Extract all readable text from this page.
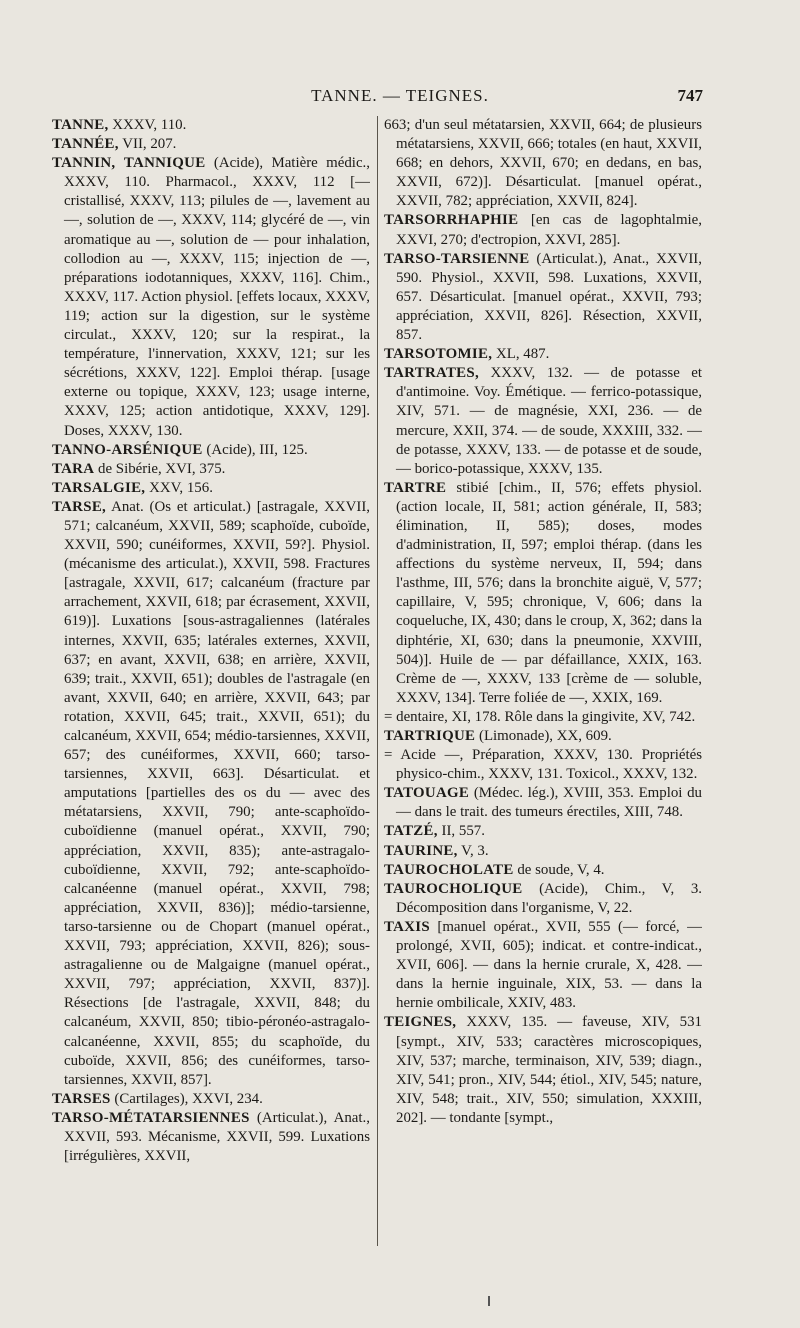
TANNE. — TEIGNES.	747

TANNE, XXXV, 110.

TANNÉE, VII, 207.

TANNIN, TANNIQUE (Acide), Matière médic., XXXV, 110. Pharmacol., XXXV, 112 [— cristallisé, XXXV, 113; pilules de —, lavement au —, solution de —, XXXV, 114; glycéré de —, vin aromatique au —, solution de — pour inhalation, collodion au —, XXXV, 115; injection de —, préparations iodotanniques, XXXV, 116]. Chim., XXXV, 117. Action physiol. [effets locaux, XXXV, 119; action sur la digestion, sur le système circulat., XXXV, 120; sur la respirat., la température, l'innervation, XXXV, 121; sur les sécrétions, XXXV, 122]. Emploi thérap. [usage externe ou topique, XXXV, 123; usage interne, XXXV, 125; action antidotique, XXXV, 129]. Doses, XXXV, 130.

TANNO-ARSÉNIQUE (Acide), III, 125.

TARA de Sibérie, XVI, 375.

TARSALGIE, XXV, 156.

TARSE, Anat. (Os et articulat.) [astragale, XXVII, 571; calcanéum, XXVII, 589; scaphoïde, cuboïde, XXVII, 590; cunéiformes, XXVII, 59?]. Physiol. (mécanisme des articulat.), XXVII, 598. Fractures [astragale, XXVII, 617; calcanéum (fracture par arrachement, XXVII, 618; par écrasement, XXVII, 619)]. Luxations [sous-astragaliennes (latérales internes, XXVII, 635; latérales externes, XXVII, 637; en avant, XXVII, 638; en arrière, XXVII, 639; trait., XXVII, 651); doubles de l'astragale (en avant, XXVII, 640; en arrière, XXVII, 643; par rotation, XXVII, 645; trait., XXVII, 651); du calcanéum, XXVII, 654; médio-tarsiennes, XXVII, 657; des cunéiformes, XXVII, 660; tarso-tarsiennes, XXVII, 663]. Désarticulat. et amputations [partielles des os du — avec des métatarsiens, XXVII, 790; ante-scaphoïdo-cuboïdienne (manuel opérat., XXVII, 790; appréciation, XXVII, 835); ante-astragalo-cuboïdienne, XXVII, 792; ante-scaphoïdo-calcanéenne (manuel opérat., XXVII, 798; appréciation, XXVII, 836)]; médio-tarsienne, tarso-tarsienne ou de Chopart (manuel opérat., XXVII, 793; appréciation, XXVII, 826); sous-astragalienne ou de Malgaigne (manuel opérat., XXVII, 797; appréciation, XXVII, 837)]. Résections [de l'astragale, XXVII, 848; du calcanéum, XXVII, 850; tibio-péronéo-astragalo-calcanéenne, XXVII, 855; du scaphoïde, du cuboïde, XXVII, 856; des cunéiformes, tarso-tarsiennes, XXVII, 857].

TARSES (Cartilages), XXVI, 234.

TARSO-MÉTATARSIENNES (Articulat.), Anat., XXVII, 593. Mécanisme, XXVII, 599. Luxations [irrégulières, XXVII,

663; d'un seul métatarsien, XXVII, 664; de plusieurs métatarsiens, XXVII, 666; totales (en haut, XXVII, 668; en dehors, XXVII, 670; en dedans, en bas, XXVII, 672)]. Désarticulat. [manuel opérat., XXVII, 782; appréciation, XXVII, 824].

TARSORRHAPHIE [en cas de lagophtalmie, XXVI, 270; d'ectropion, XXVI, 285].

TARSO-TARSIENNE (Articulat.), Anat., XXVII, 590. Physiol., XXVII, 598. Luxations, XXVII, 657. Désarticulat. [manuel opérat., XXVII, 793; appréciation, XXVII, 826]. Résection, XXVII, 857.

TARSOTOMIE, XL, 487.

TARTRATES, XXXV, 132. — de potasse et d'antimoine. Voy. Émétique. — ferrico-potassique, XIV, 571. — de magnésie, XXI, 236. — de mercure, XXII, 374. — de soude, XXXIII, 332. — de potasse, XXXV, 133. — de potasse et de soude, — borico-potassique, XXXV, 135.

TARTRE stibié [chim., II, 576; effets physiol. (action locale, II, 581; action générale, II, 583; élimination, II, 585); doses, modes d'administration, II, 597; emploi thérap. (dans les affections du système nerveux, II, 594; dans l'asthme, III, 576; dans la bronchite aiguë, V, 577; capillaire, V, 595; chronique, V, 606; dans la coqueluche, IX, 430; dans le croup, X, 362; dans la diphtérie, XI, 630; dans la pneumonie, XXVIII, 504)]. Huile de — par défaillance, XXIX, 163. Crème de —, XXXV, 133 [crème de — soluble, XXXV, 134]. Terre foliée de —, XXIX, 169.

= dentaire, XI, 178. Rôle dans la gingivite, XV, 742.

TARTRIQUE (Limonade), XX, 609.

= Acide —, Préparation, XXXV, 130. Propriétés physico-chim., XXXV, 131. Toxicol., XXXV, 132.

TATOUAGE (Médec. lég.), XVIII, 353. Emploi du — dans le trait. des tumeurs érectiles, XIII, 748.

TATZÉ, II, 557.

TAURINE, V, 3.

TAUROCHOLATE de soude, V, 4.

TAUROCHOLIQUE (Acide), Chim., V, 3. Décomposition dans l'organisme, V, 22.

TAXIS [manuel opérat., XVII, 555 (— forcé, — prolongé, XVII, 605); indicat. et contre-indicat., XVII, 606]. — dans la hernie crurale, X, 428. — dans la hernie inguinale, XIX, 53. — dans la hernie ombilicale, XXIV, 483.

TEIGNES, XXXV, 135. — faveuse, XIV, 531 [sympt., XIV, 533; caractères microscopiques, XIV, 537; marche, terminaison, XIV, 539; diagn., XIV, 541; pron., XIV, 544; étiol., XIV, 545; nature, XIV, 548; trait., XIV, 550; simulation, XXXIII, 202]. — tondante [sympt.,
